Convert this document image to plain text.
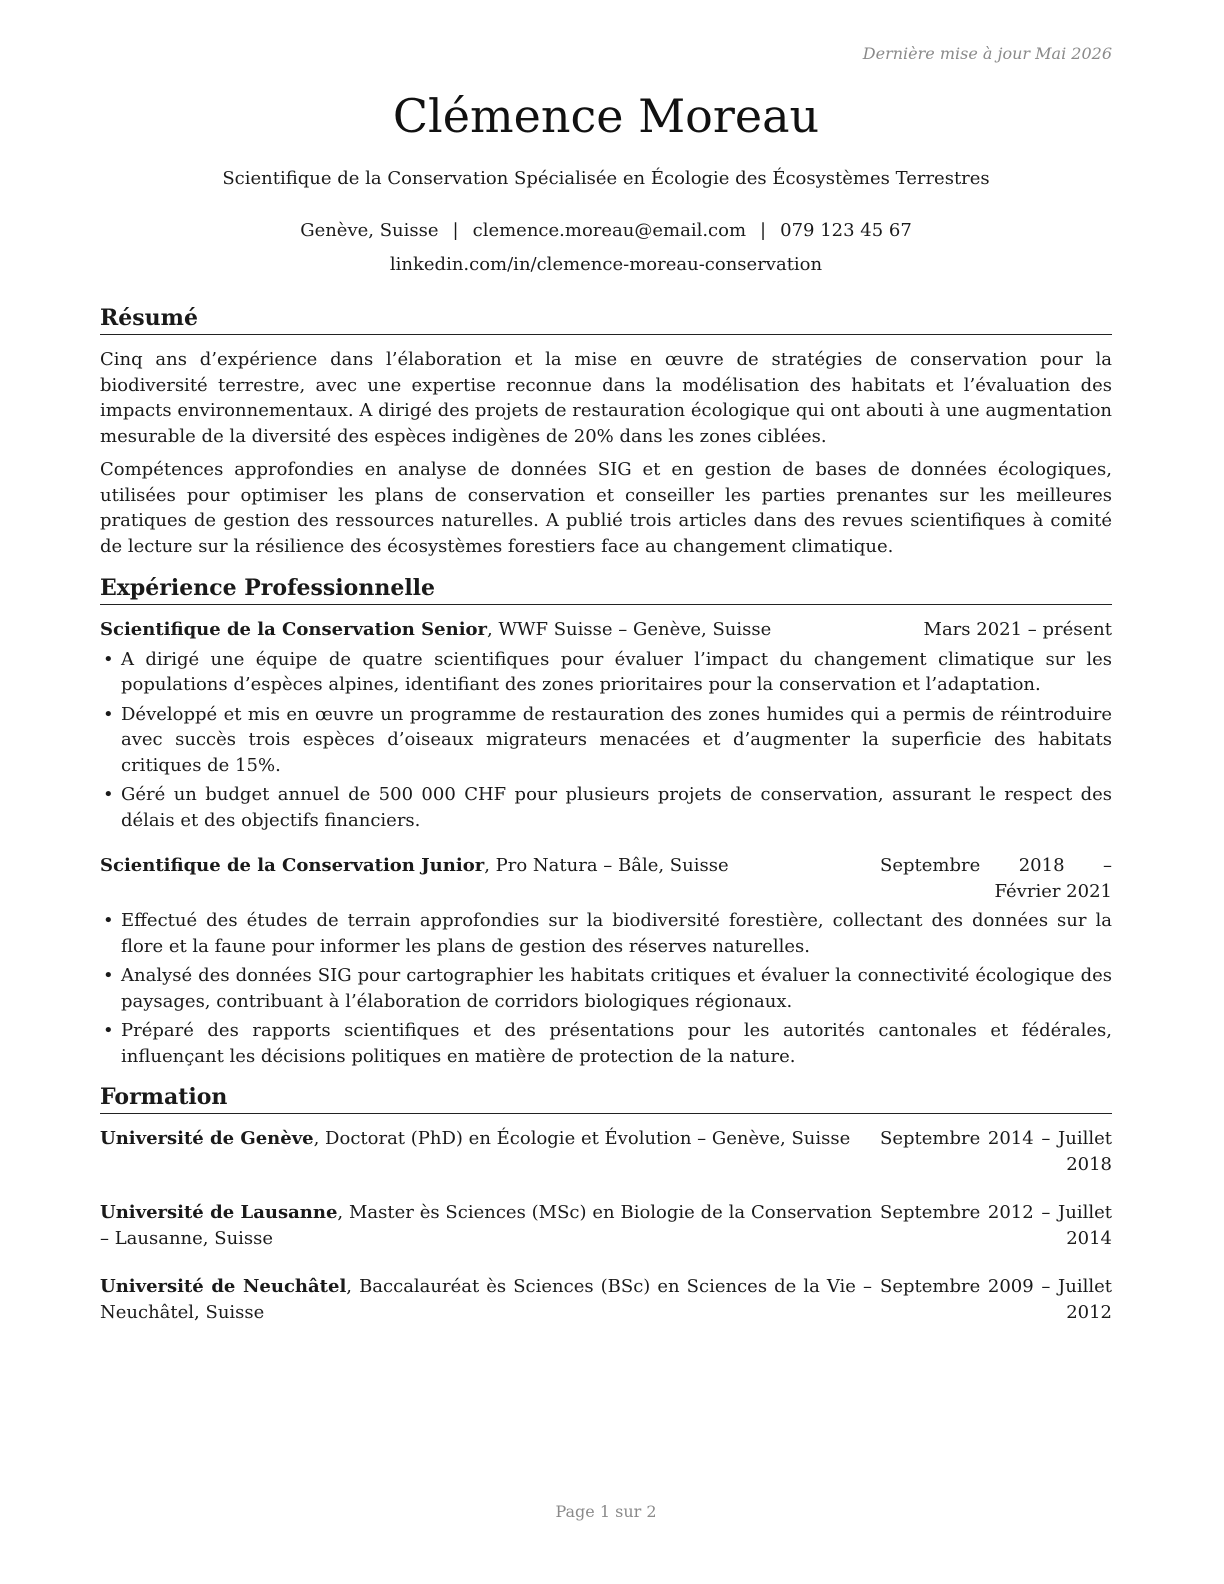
Dernière mise à jour Mai 2026
Clémence Moreau
Scientifique de la Conservation Spécialisée en Écologie des Écosystèmes Terrestres
Genève, Suisse | clemence.moreau@email.com | 079 123 45 67
linkedin.com/in/clemence-moreau-conservation
Résumé

Cinq ans d’expérience dans l’élaboration et la mise en œuvre de stratégies de conservation pour la biodiversité terrestre, avec une expertise reconnue dans la modélisation des habitats et l’évaluation des impacts environnementaux. A dirigé des projets de restauration écologique qui ont abouti à une augmentation mesurable de la diversité des espèces indigènes de 20% dans les zones ciblées.

Compétences approfondies en analyse de données SIG et en gestion de bases de données écologiques, utilisées pour optimiser les plans de conservation et conseiller les parties prenantes sur les meilleures pratiques de gestion des ressources naturelles. A publié trois articles dans des revues scientifiques à comité de lecture sur la résilience des écosystèmes forestiers face au changement climatique.

Expérience Professionnelle
Scientifique de la Conservation Senior, WWF Suisse – Genève, Suisse	Mars 2021 – présent
• A dirigé une équipe de quatre scientifiques pour évaluer l’impact du changement climatique sur les populations d’espèces alpines, identifiant des zones prioritaires pour la conservation et l’adaptation.
• Développé et mis en œuvre un programme de restauration des zones humides qui a permis de réintroduire avec succès trois espèces d’oiseaux migrateurs menacées et d’augmenter la superficie des habitats critiques de 15%.
• Géré un budget annuel de 500 000 CHF pour plusieurs projets de conservation, assurant le respect des délais et des objectifs financiers.
Scientifique de la Conservation Junior, Pro Natura – Bâle, Suisse	Septembre 2018 – Février 2021
• Effectué des études de terrain approfondies sur la biodiversité forestière, collectant des données sur la flore et la faune pour informer les plans de gestion des réserves naturelles.
• Analysé des données SIG pour cartographier les habitats critiques et évaluer la connectivité écologique des paysages, contribuant à l’élaboration de corridors biologiques régionaux.
• Préparé des rapports scientifiques et des présentations pour les autorités cantonales et fédérales, influençant les décisions politiques en matière de protection de la nature.
Formation
Université de Genève, Doctorat (PhD) en Écologie et Évolution – Genève, Suisse	Septembre 2014 – Juillet 2018
Université de Lausanne, Master ès Sciences (MSc) en Biologie de la Conservation – Lausanne, Suisse
Septembre 2012 – Juillet 2014
Université de Neuchâtel, Baccalauréat ès Sciences (BSc) en Sciences de la Vie – Neuchâtel, Suisse
Septembre 2009 – Juillet 2012
Page 1 sur 2
